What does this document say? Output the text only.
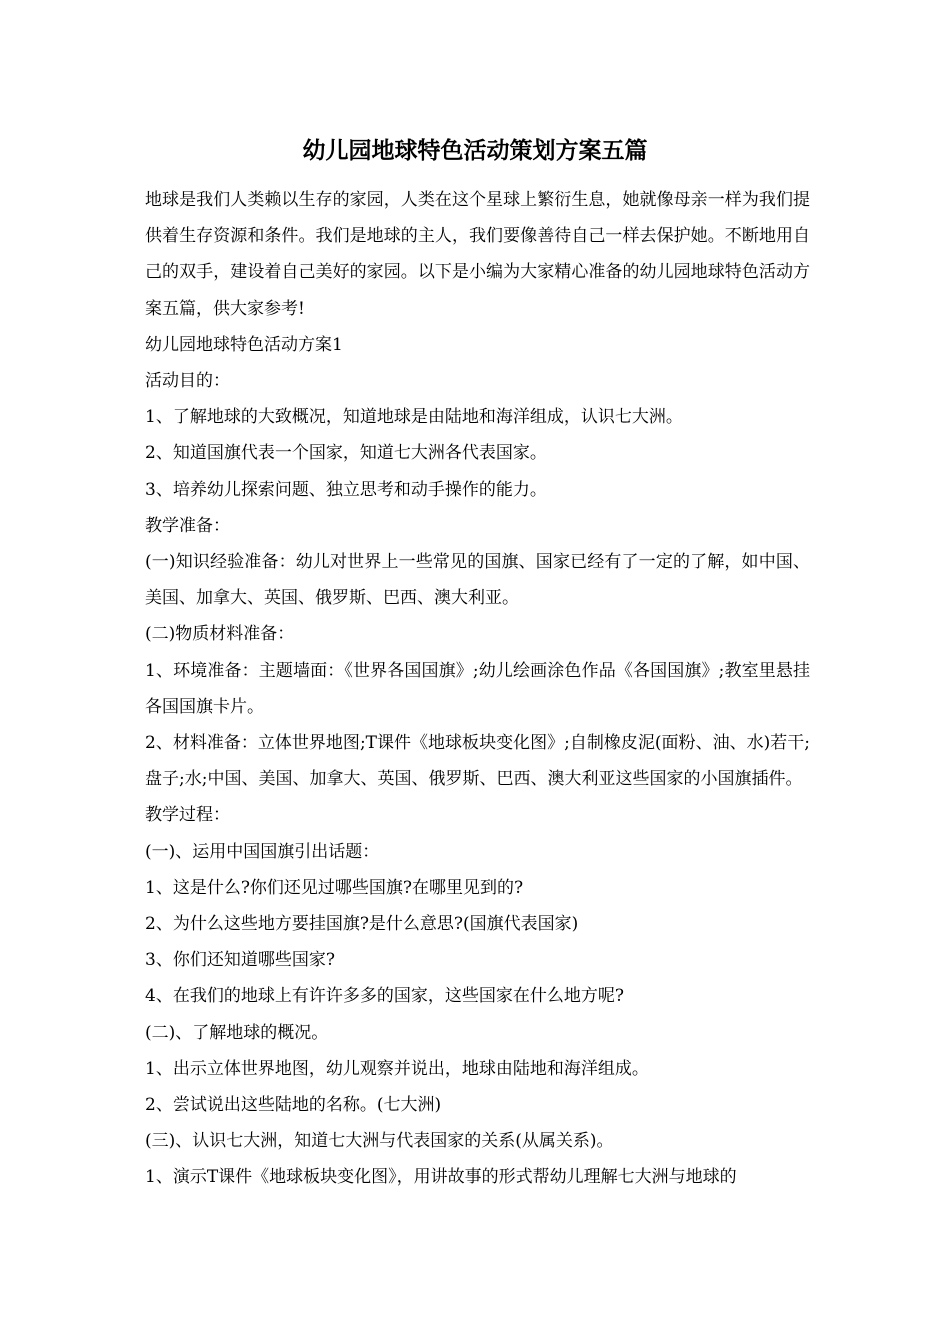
幼儿园地球特色活动策划方案五篇

地球是我们人类赖以生存的家园，人类在这个星球上繁衍生息，她就像母亲一样为我们提供着生存资源和条件。我们是地球的主人，我们要像善待自己一样去保护她。不断地用自己的双手，建设着自己美好的家园。以下是小编为大家精心准备的幼儿园地球特色活动方案五篇，供大家参考!

幼儿园地球特色活动方案1

活动目的：

1、了解地球的大致概况，知道地球是由陆地和海洋组成，认识七大洲。

2、知道国旗代表一个国家，知道七大洲各代表国家。

3、培养幼儿探索问题、独立思考和动手操作的能力。

教学准备：

(一)知识经验准备：幼儿对世界上一些常见的国旗、国家已经有了一定的了解，如中国、美国、加拿大、英国、俄罗斯、巴西、澳大利亚。

(二)物质材料准备：

1、环境准备：主题墙面：《世界各国国旗》;幼儿绘画涂色作品《各国国旗》;教室里悬挂各国国旗卡片。

2、材料准备：立体世界地图;T课件《地球板块变化图》;自制橡皮泥(面粉、油、水)若干;盘子;水;中国、美国、加拿大、英国、俄罗斯、巴西、澳大利亚这些国家的小国旗插件。

教学过程：

(一)、运用中国国旗引出话题：

1、这是什么?你们还见过哪些国旗?在哪里见到的?

2、为什么这些地方要挂国旗?是什么意思?(国旗代表国家)

3、你们还知道哪些国家?

4、在我们的地球上有许许多多的国家，这些国家在什么地方呢?

(二)、了解地球的概况。

1、出示立体世界地图，幼儿观察并说出，地球由陆地和海洋组成。

2、尝试说出这些陆地的名称。(七大洲)

(三)、认识七大洲，知道七大洲与代表国家的关系(从属关系)。

1、演示T课件《地球板块变化图》，用讲故事的形式帮幼儿理解七大洲与地球的
